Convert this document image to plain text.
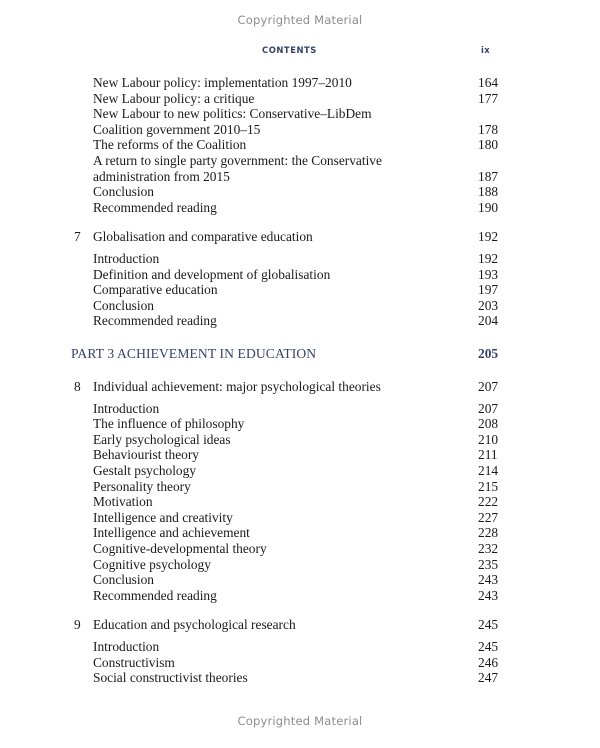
Copyrighted Material
CONTENTS	ix
New Labour policy: implementation 1997–2010	164
New Labour policy: a critique	177
New Labour to new politics: Conservative–LibDem
Coalition government 2010–15	178
The reforms of the Coalition	180
A return to single party government: the Conservative
administration from 2015	187
Conclusion	188
Recommended reading	190
7 Globalisation and comparative education	192
Introduction	192
Definition and development of globalisation	193
Comparative education	197
Conclusion	203
Recommended reading	204
PART 3 ACHIEVEMENT IN EDUCATION	205
8 Individual achievement: major psychological theories	207
Introduction	207
The influence of philosophy	208
Early psychological ideas	210
Behaviourist theory	211
Gestalt psychology	214
Personality theory	215
Motivation	222
Intelligence and creativity	227
Intelligence and achievement	228
Cognitive-developmental theory	232
Cognitive psychology	235
Conclusion	243
Recommended reading	243
9 Education and psychological research	245
Introduction	245
Constructivism	246
Social constructivist theories	247
Copyrighted Material
